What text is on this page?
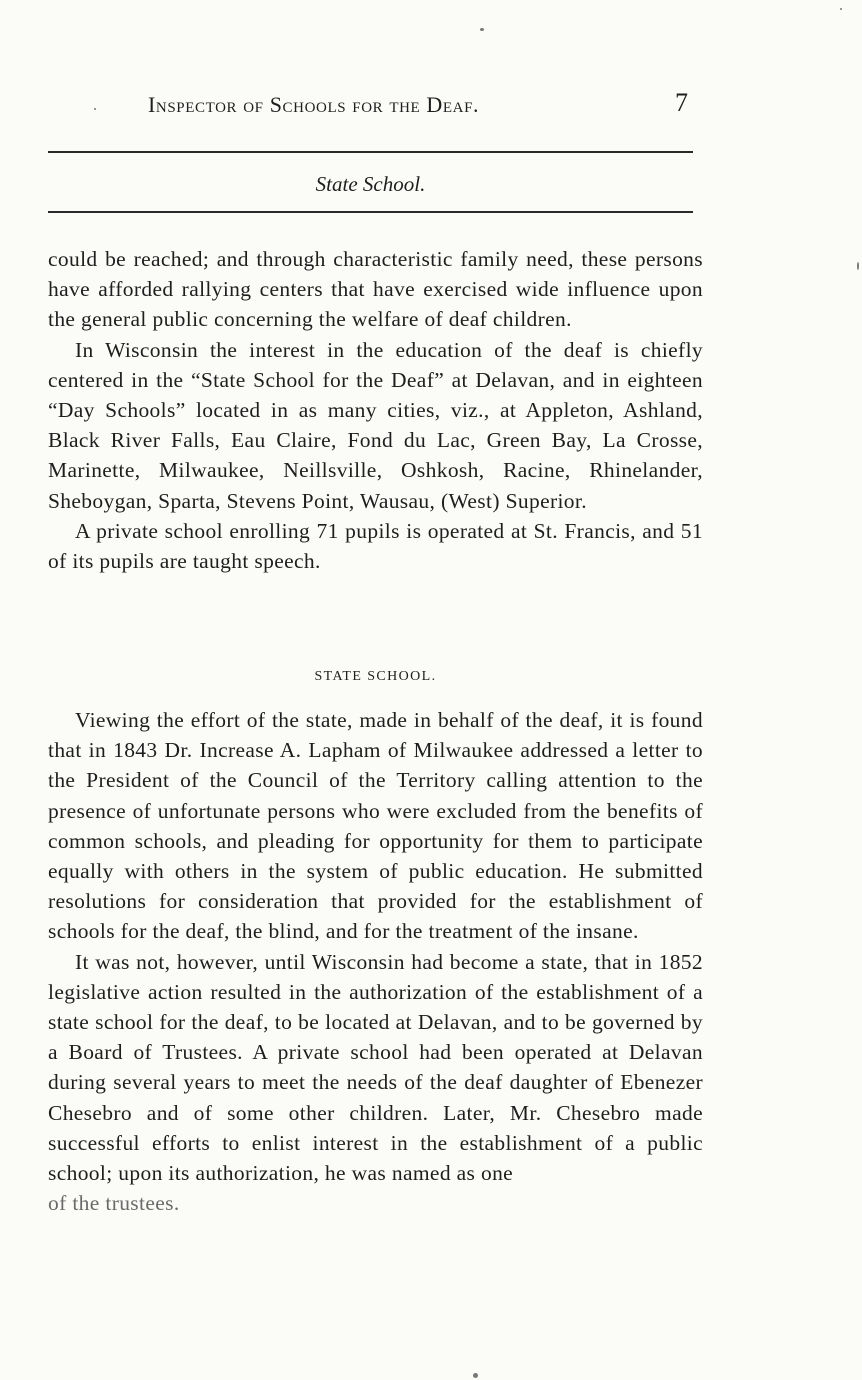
Inspector of Schools for the Deaf.	7
State School.

could be reached; and through characteristic family need, these persons have afforded rallying centers that have exercised wide influence upon the general public concerning the welfare of deaf children.

In Wisconsin the interest in the education of the deaf is chiefly centered in the “State School for the Deaf” at Delavan, and in eighteen “Day Schools” located in as many cities, viz., at Appleton, Ashland, Black River Falls, Eau Claire, Fond du Lac, Green Bay, La Crosse, Marinette, Milwaukee, Neillsville, Oshkosh, Racine, Rhinelander, Sheboygan, Sparta, Stevens Point, Wausau, (West) Superior.

A private school enrolling 71 pupils is operated at St. Francis, and 51 of its pupils are taught speech.

STATE SCHOOL.

Viewing the effort of the state, made in behalf of the deaf, it is found that in 1843 Dr. Increase A. Lapham of Milwaukee addressed a letter to the President of the Council of the Territory calling attention to the presence of unfortunate persons who were excluded from the benefits of common schools, and pleading for opportunity for them to participate equally with others in the system of public education. He submitted resolutions for consideration that provided for the establishment of schools for the deaf, the blind, and for the treatment of the insane.

It was not, however, until Wisconsin had become a state, that in 1852 legislative action resulted in the authorization of the establishment of a state school for the deaf, to be located at Delavan, and to be governed by a Board of Trustees. A private school had been operated at Delavan during several years to meet the needs of the deaf daughter of Ebenezer Chesebro and of some other children. Later, Mr. Chesebro made successful efforts to enlist interest in the establishment of a public school; upon its authorization, he was named as one

of the trustees.
